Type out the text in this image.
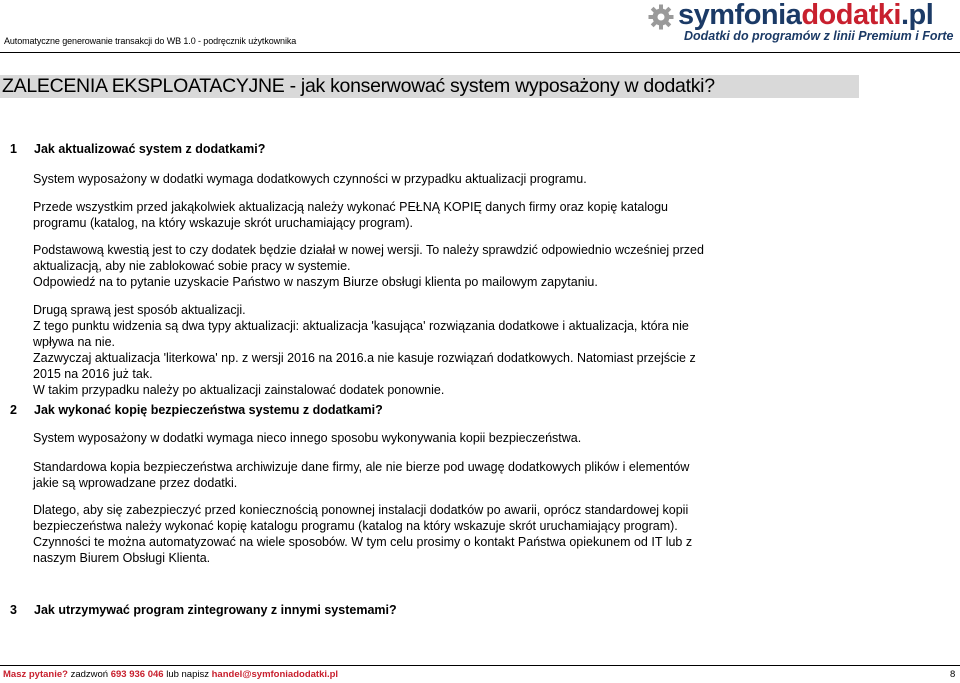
Automatyczne generowanie transakcji do WB 1.0 - podręcznik użytkownika
symfoniadodatki.pl
Dodatki do programów z linii Premium i Forte
ZALECENIA EKSPLOATACYJNE - jak konserwować system wyposażony w dodatki?
1 Jak aktualizować system z dodatkami?
System wyposażony w dodatki wymaga dodatkowych czynności w przypadku aktualizacji programu.
Przede wszystkim przed jakąkolwiek aktualizacją należy wykonać PEŁNĄ KOPIĘ danych firmy oraz kopię katalogu
programu (katalog, na który wskazuje skrót uruchamiający program).
Podstawową kwestią jest to czy dodatek będzie działał w nowej wersji. To należy sprawdzić odpowiednio wcześniej przed
aktualizacją, aby nie zablokować sobie pracy w systemie.
Odpowiedź na to pytanie uzyskacie Państwo w naszym Biurze obsługi klienta po mailowym zapytaniu.
Drugą sprawą jest sposób aktualizacji.
Z tego punktu widzenia są dwa typy aktualizacji: aktualizacja 'kasująca' rozwiązania dodatkowe i aktualizacja, która nie
wpływa na nie.
Zazwyczaj aktualizacja 'literkowa' np. z wersji 2016 na 2016.a nie kasuje rozwiązań dodatkowych. Natomiast przejście z
2015 na 2016 już tak.
W takim przypadku należy po aktualizacji zainstalować dodatek ponownie.
2 Jak wykonać kopię bezpieczeństwa systemu z dodatkami?
System wyposażony w dodatki wymaga nieco innego sposobu wykonywania kopii bezpieczeństwa.
Standardowa kopia bezpieczeństwa archiwizuje dane firmy, ale nie bierze pod uwagę dodatkowych plików i elementów
jakie są wprowadzane przez dodatki.
Dlatego, aby się zabezpieczyć przed koniecznością ponownej instalacji dodatków po awarii, oprócz standardowej kopii
bezpieczeństwa należy wykonać kopię katalogu programu (katalog na który wskazuje skrót uruchamiający program).
Czynności te można automatyzować na wiele sposobów. W tym celu prosimy o kontakt Państwa opiekunem od IT lub z
naszym Biurem Obsługi Klienta.
3 Jak utrzymywać program zintegrowany z innymi systemami?
Masz pytanie? zadzwoń 693 936 046 lub napisz handel@symfoniadodatki.pl	8
